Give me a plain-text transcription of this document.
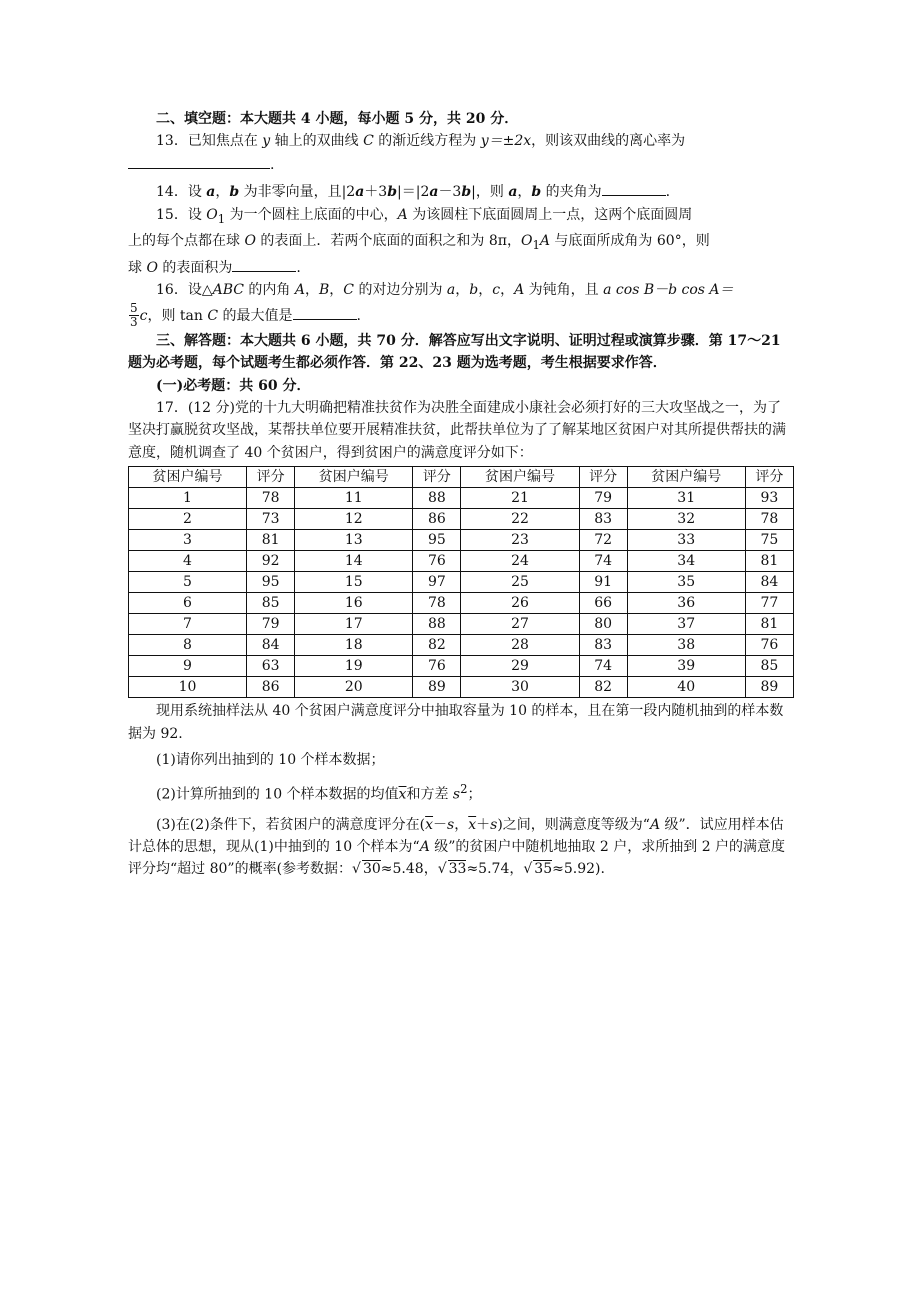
二、填空题：本大题共 4 小题，每小题 5 分，共 20 分．

13．已知焦点在 y 轴上的双曲线 C 的渐近线方程为 y＝±2x，则该双曲线的离心率为

.

14．设 a，b 为非零向量，且|2a＋3b|＝|2a－3b|，则 a，b 的夹角为	.

15．设 $O_1$ 为一个圆柱上底面的中心，A 为该圆柱下底面圆周上一点，这两个底面圆周

上的每个点都在球 O 的表面上．若两个底面的面积之和为 8π，$O_1A$ 与底面所成角为 60°，则

球 O 的表面积为	.

16．设△ABC 的内角 A，B，C 的对边分别为 a，b，c，A 为钝角，且 a cos B－b cos A＝

$\frac{5}{3}$ c，则 tan C 的最大值是	.

三、解答题：本大题共 6 小题，共 70 分．解答应写出文字说明、证明过程或演算步骤．第 17～21 题为必考题，每个试题考生都必须作答．第 22、23 题为选考题，考生根据要求作答．

(一)必考题：共 60 分．

17．(12 分)党的十九大明确把精准扶贫作为决胜全面建成小康社会必须打好的三大攻坚战之一，为了坚决打赢脱贫攻坚战，某帮扶单位要开展精准扶贫，此帮扶单位为了了解某地区贫困户对其所提供帮扶的满意度，随机调查了 40 个贫困户，得到贫困户的满意度评分如下：

贫困户编号	评分	贫困户编号	评分	贫困户编号	评分	贫困户编号	评分
1	78	11	88	21	79	31	93
2	73	12	86	22	83	32	78
3	81	13	95	23	72	33	75
4	92	14	76	24	74	34	81
5	95	15	97	25	91	35	84
6	85	16	78	26	66	36	77
7	79	17	88	27	80	37	81
8	84	18	82	28	83	38	76
9	63	19	76	29	74	39	85
10	86	20	89	30	82	40	89

现用系统抽样法从 40 个贫困户满意度评分中抽取容量为 10 的样本，且在第一段内随机抽到的样本数据为 92.

(1)请你列出抽到的 10 个样本数据；

(2)计算所抽到的 10 个样本数据的均值$\overline{x}$和方差 $s^2$；

(3)在(2)条件下，若贫困户的满意度评分在($\overline{x}-s$，$\overline{x}+s$)之间，则满意度等级为“A 级”．试应用样本估计总体的思想，现从(1)中抽到的 10 个样本为“A 级”的贫困户中随机地抽取 2 户，求所抽到 2 户的满意度评分均“超过 80”的概率(参考数据：√ 30≈5.48，√ 33≈5.74，√ 35≈5.92).
